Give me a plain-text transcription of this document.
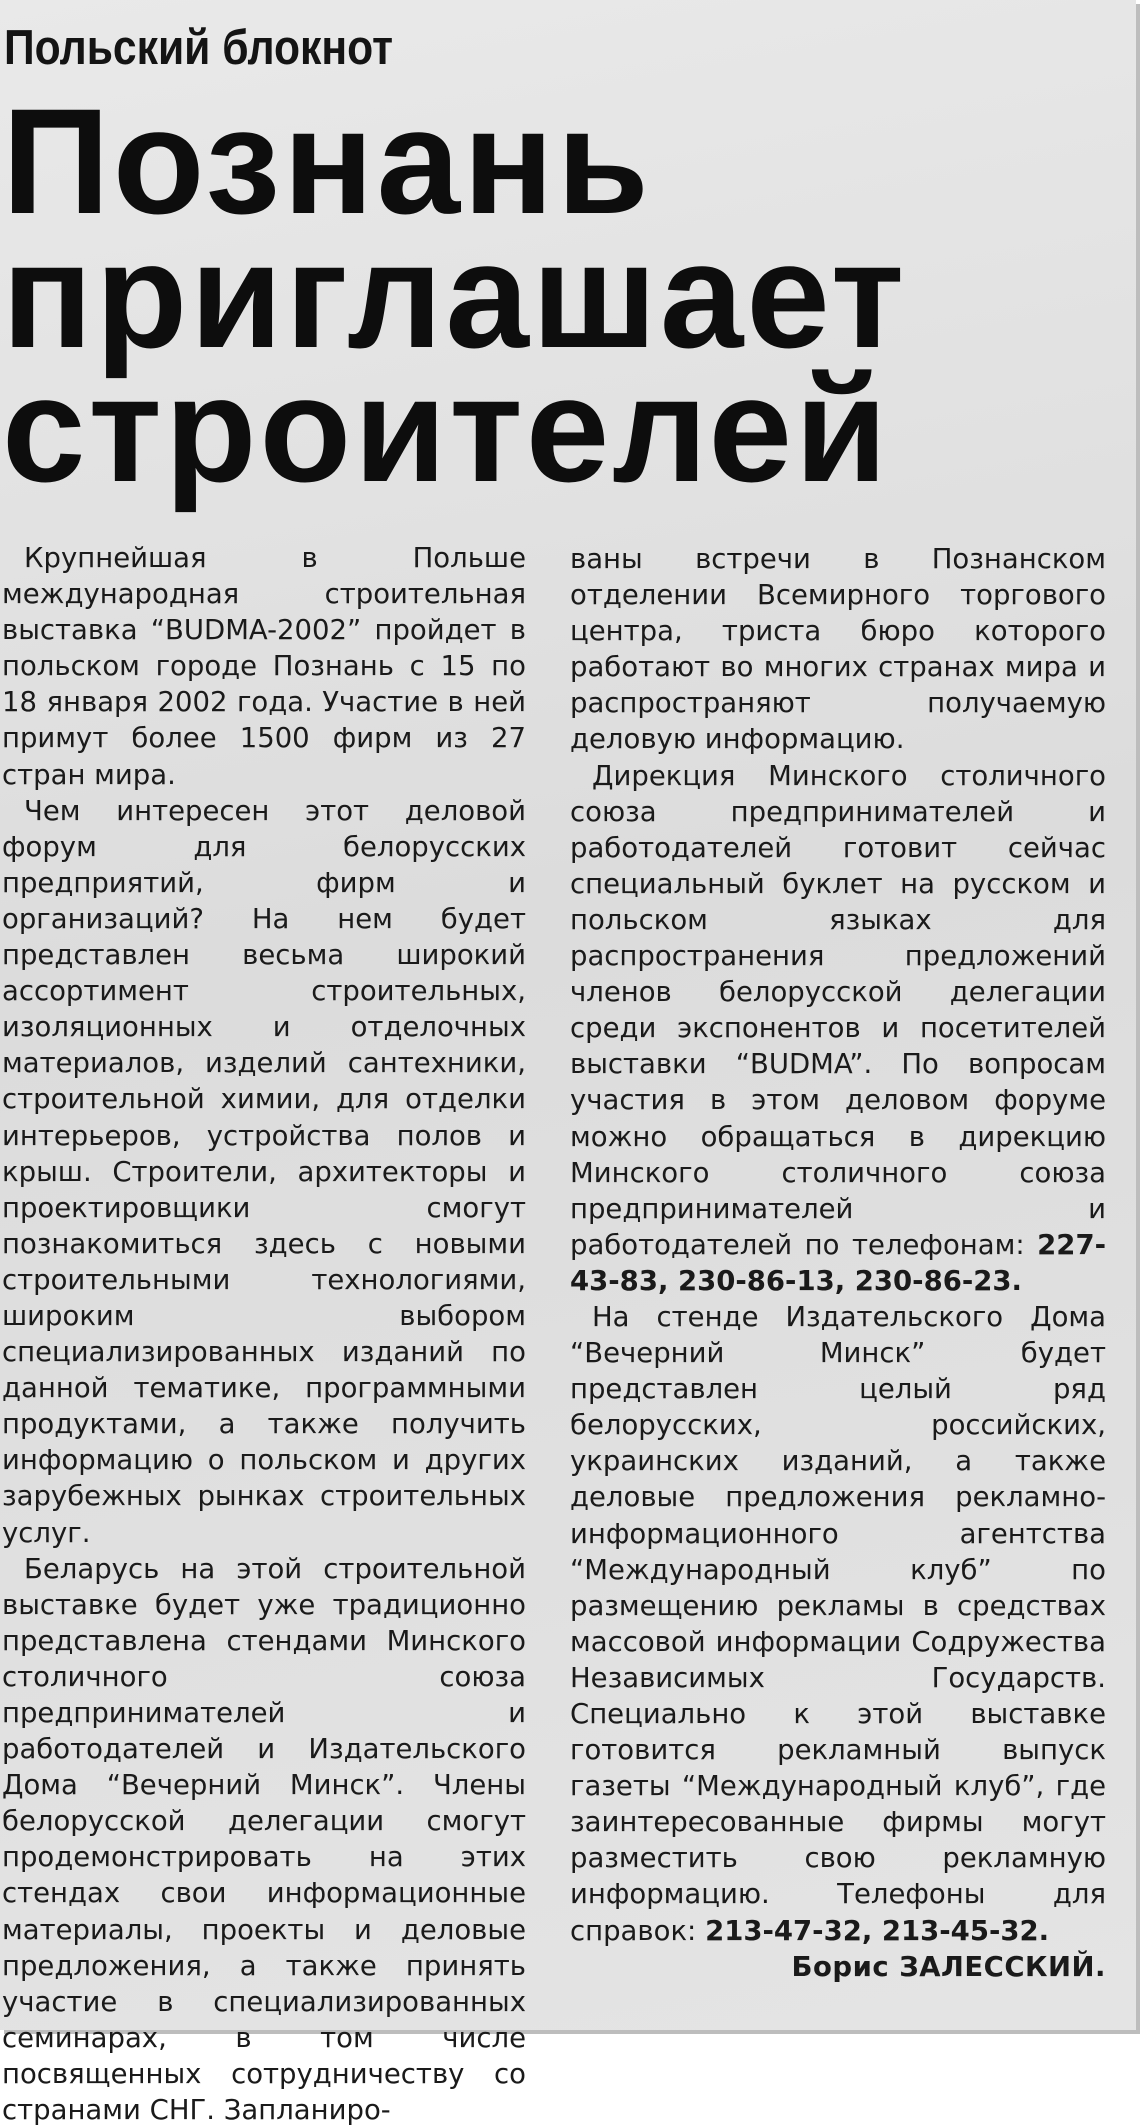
Польский блокнот
Познань
приглашает
строителей

Крупнейшая в Польше международная строительная выставка “BUDMA-2002” пройдет в польском городе Познань с 15 по 18 января 2002 года. Участие в ней примут более 1500 фирм из 27 стран мира.

Чем интересен этот деловой форум для белорусских предприятий, фирм и организаций? На нем будет представлен весьма широкий ассортимент строительных, изоляционных и отделочных материалов, изделий сантехники, строительной химии, для отделки интерьеров, устройства полов и крыш. Строители, архитекторы и проектировщики смогут познакомиться здесь с новыми строительными технологиями, широким выбором специализированных изданий по данной тематике, программными продуктами, а также получить информацию о польском и других зарубежных рынках строительных услуг.

Беларусь на этой строительной выставке будет уже традиционно представлена стендами Минского столичного союза предпринимателей и работодателей и Издательского Дома “Вечерний Минск”. Члены белорусской делегации смогут продемонстрировать на этих стендах свои информационные материалы, проекты и деловые предложения, а также принять участие в специализированных семинарах, в том числе посвященных сотрудничеству со странами СНГ. Запланиро-

ваны встречи в Познанском отделении Всемирного торгового центра, триста бюро которого работают во многих странах мира и распространяют получаемую деловую информацию.

Дирекция Минского столичного союза предпринимателей и работодателей готовит сейчас специальный буклет на русском и польском языках для распространения предложений членов белорусской делегации среди экспонентов и посетителей выставки “BUDMA”. По вопросам участия в этом деловом форуме можно обращаться в дирекцию Минского столичного союза предпринимателей и работодателей по телефонам: 227-43-83, 230-86-13, 230-86-23.

На стенде Издательского Дома “Вечерний Минск” будет представлен целый ряд белорусских, российских, украинских изданий, а также деловые предложения рекламно-информационного агентства “Международный клуб” по размещению рекламы в средствах массовой информации Содружества Независимых Государств. Специально к этой выставке готовится рекламный выпуск газеты “Международный клуб”, где заинтересованные фирмы могут разместить свою рекламную информацию. Телефоны для справок: 213-47-32, 213-45-32.

Борис ЗАЛЕССКИЙ.
